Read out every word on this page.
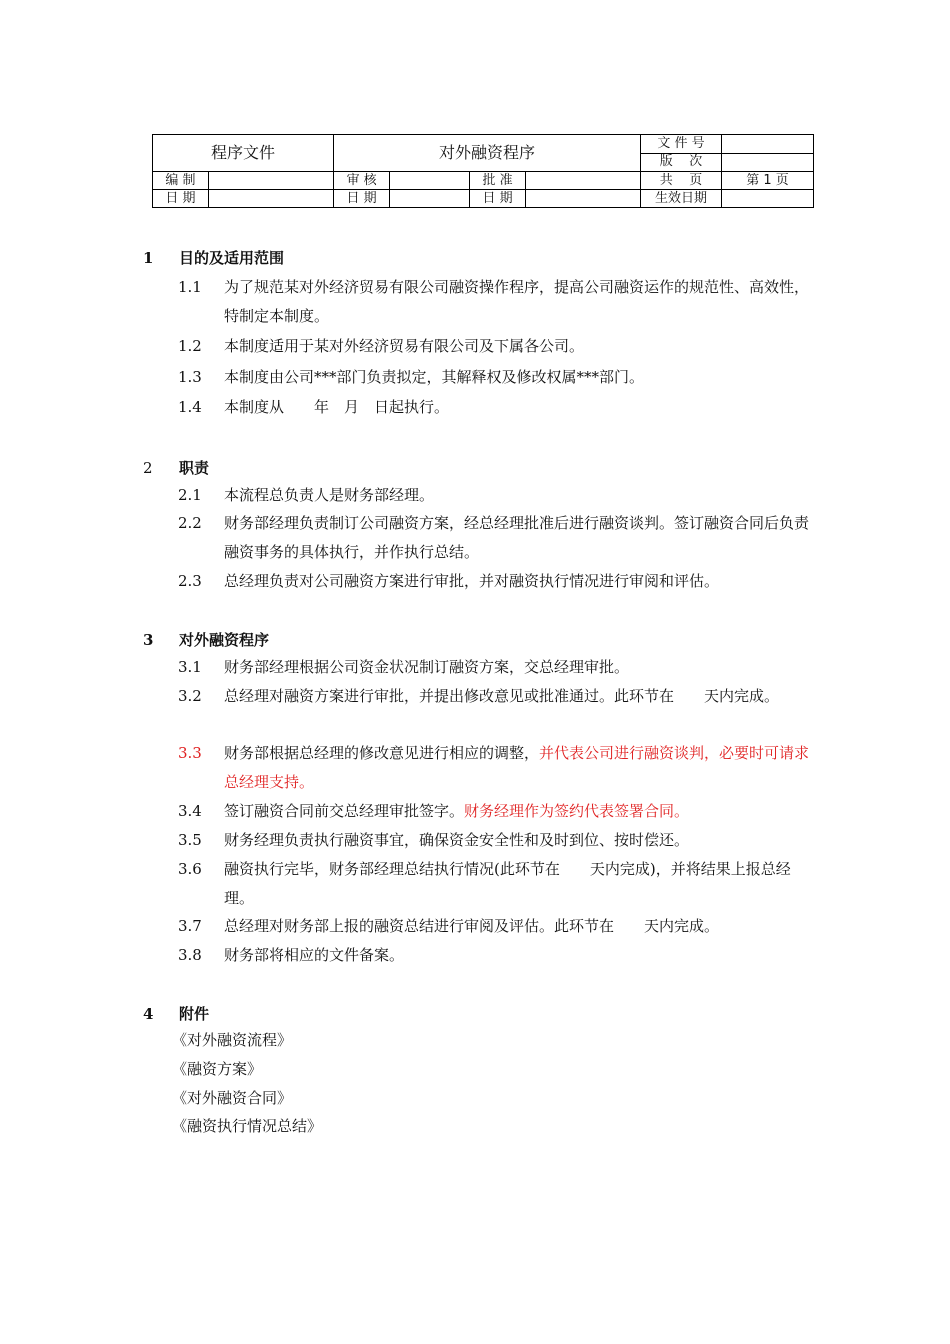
程序文件		对外融资程序				文 件 号	
						版    次	
编 制		审 核		批 准		共    页	第 1 页
日 期		日 期		日 期		生效日期	
1 目的及适用范围
1.1	为了规范某对外经济贸易有限公司融资操作程序，提高公司融资运作的规范性、高效性，特制定本制度。
1.2	本制度适用于某对外经济贸易有限公司及下属各公司。
1.3	本制度由公司***部门负责拟定，其解释权及修改权属***部门。
1.4	本制度从　　年　月　日起执行。
2 职责
2.1	本流程总负责人是财务部经理。
2.2	财务部经理负责制订公司融资方案，经总经理批准后进行融资谈判。签订融资合同后负责融资事务的具体执行，并作执行总结。
2.3	总经理负责对公司融资方案进行审批，并对融资执行情况进行审阅和评估。
3 对外融资程序
3.1	财务部经理根据公司资金状况制订融资方案，交总经理审批。
3.2	总经理对融资方案进行审批，并提出修改意见或批准通过。此环节在　　天内完成。
3.3	财务部根据总经理的修改意见进行相应的调整，并代表公司进行融资谈判，必要时可请求总经理支持。
3.4	签订融资合同前交总经理审批签字。财务经理作为签约代表签署合同。
3.5	财务经理负责执行融资事宜，确保资金安全性和及时到位、按时偿还。
3.6	融资执行完毕，财务部经理总结执行情况(此环节在　　天内完成)，并将结果上报总经理。
3.7	总经理对财务部上报的融资总结进行审阅及评估。此环节在　　天内完成。
3.8	财务部将相应的文件备案。
4 附件
《对外融资流程》
《融资方案》
《对外融资合同》
《融资执行情况总结》
